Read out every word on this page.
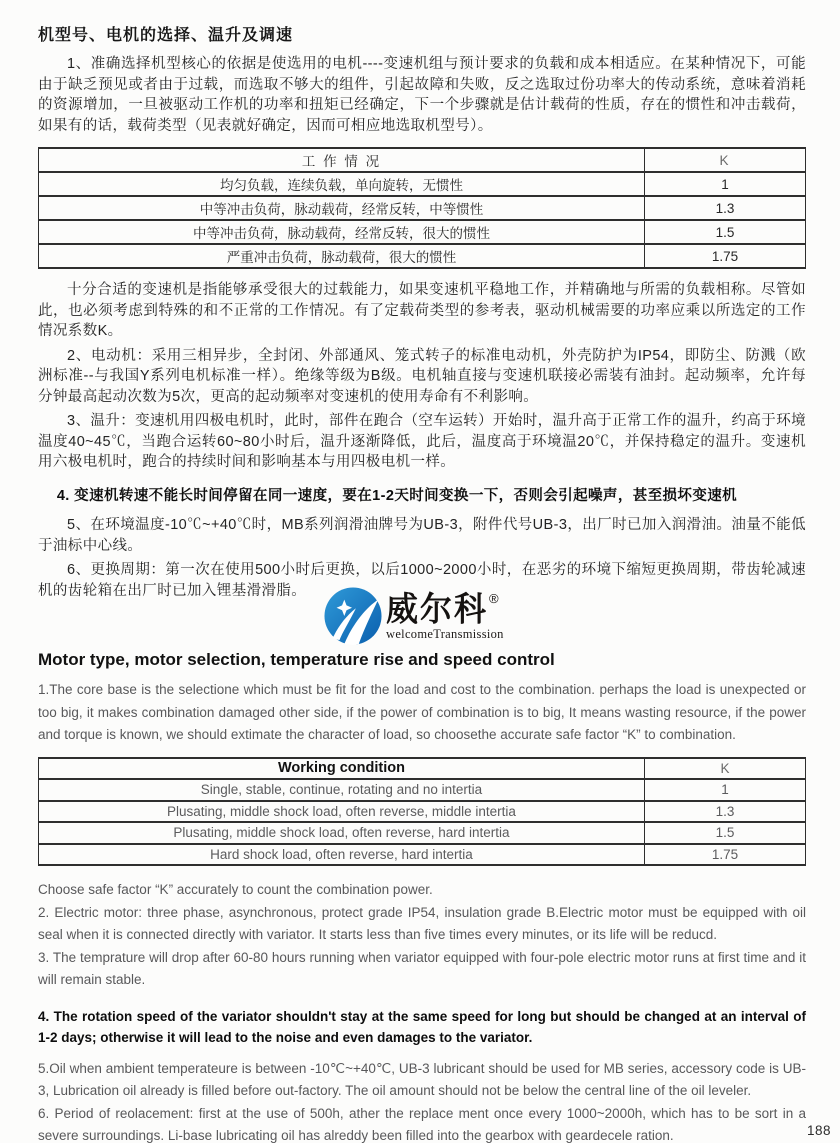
机型号、电机的选择、温升及调速

1、准确选择机型核心的依据是使选用的电机----变速机组与预计要求的负载和成本相适应。在某种情况下，可能由于缺乏预见或者由于过载，而选取不够大的组件，引起故障和失败，反之选取过份功率大的传动系统，意味着消耗的资源增加，一旦被驱动工作机的功率和扭矩已经确定，下一个步骤就是估计载荷的性质，存在的惯性和冲击载荷，如果有的话，载荷类型（见表就好确定，因而可相应地选取机型号）。

工 作 情 况	K
均匀负载，连续负载，单向旋转，无惯性	1
中等冲击负荷，脉动载荷，经常反转，中等惯性	1.3
中等冲击负荷，脉动载荷，经常反转，很大的惯性	1.5
严重冲击负荷，脉动载荷，很大的惯性	1.75

十分合适的变速机是指能够承受很大的过载能力，如果变速机平稳地工作，并精确地与所需的负载相称。尽管如此，也必须考虑到特殊的和不正常的工作情况。有了定载荷类型的参考表，驱动机械需要的功率应乘以所选定的工作情况系数K。

2、电动机：采用三相异步，全封闭、外部通风、笼式转子的标准电动机，外壳防护为IP54，即防尘、防溅（欧洲标准--与我国Y系列电机标准一样）。绝缘等级为B级。电机轴直接与变速机联接必需装有油封。起动频率，允许每分钟最高起动次数为5次，更高的起动频率对变速机的使用寿命有不利影响。

3、温升：变速机用四极电机时，此时，部件在跑合（空车运转）开始时，温升高于正常工作的温升，约高于环境温度40~45℃，当跑合运转60~80小时后，温升逐渐降低，此后，温度高于环境温20℃，并保持稳定的温升。变速机用六极电机时，跑合的持续时间和影响基本与用四极电机一样。

4. 变速机转速不能长时间停留在同一速度，要在1-2天时间变换一下，否则会引起噪声，甚至损坏变速机

5、在环境温度-10℃~+40℃时，MB系列润滑油牌号为UB-3，附件代号UB-3，出厂时已加入润滑油。油量不能低于油标中心线。

6、更换周期：第一次在使用500小时后更换，以后1000~2000小时，在恶劣的环境下缩短更换周期，带齿轮减速机的齿轮箱在出厂时已加入锂基滑滑脂。	威尔科 ®
welcomeTransmission
Motor type, motor selection, temperature rise and speed control

1.The core base is the selectione which must be fit for the load and cost to the combination. perhaps the load is unexpected or too big, it makes combination damaged other side, if the power of combination is to big, It means wasting resource, if the power and torque is known, we should extimate the character of load, so choosethe accurate safe factor “K” to combination.

Working condition	K
Single, stable, continue, rotating and no intertia	1
Plusating, middle shock load, often reverse, middle intertia	1.3
Plusating, middle shock load, often reverse, hard intertia	1.5
Hard shock load, often reverse, hard intertia	1.75

Choose safe factor “K” accurately to count the combination power.

2. Electric motor: three phase, asynchronous, protect grade IP54, insulation grade B.Electric motor must be equipped with oil seal when it is connected directly with variator. It starts less than five times every minutes, or its life will be reducd.

3. The temprature will drop after 60-80 hours running when variator equipped with four-pole electric motor runs at first time and it will remain stable.

4. The rotation speed of the variator shouldn't stay at the same speed for long but should be changed at an interval of 1-2 days; otherwise it will lead to the noise and even damages to the variator.

5.Oil when ambient temperateure is between -10℃~+40℃, UB-3 lubricant should be used for MB series, accessory code is UB-3, Lubrication oil already is filled before out-factory. The oil amount should not be below the central line of the oil leveler.

6. Period of reolacement: first at the use of 500h, ather the replace ment once every 1000~2000h, which has to be sort in a severe surroundings. Li-base lubricating oil has alreddy been filled into the gearbox with geardecele ration.	188
